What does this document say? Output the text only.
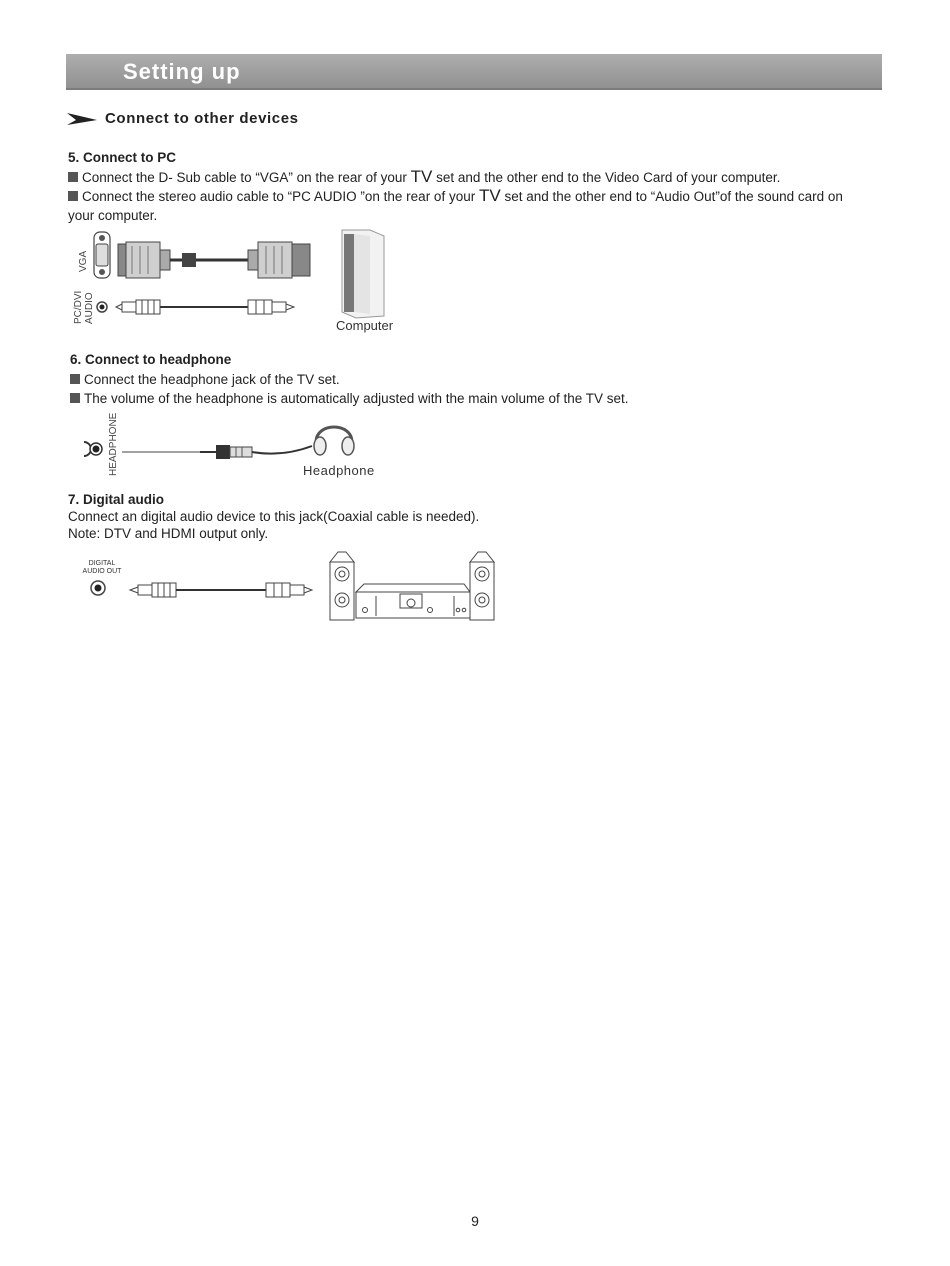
Setting up
Connect to other devices
5. Connect to PC
Connect the D- Sub cable to “VGA” on the rear of your TV set and the other end to the Video Card of your computer.
Connect the stereo audio cable to “PC AUDIO ”on the rear of your TV set and the other end to “Audio Out”of the sound card on
your computer.
VGA
PC/DVI AUDIO
Computer
6. Connect to headphone
Connect the headphone jack of the TV set.
The volume of the headphone is automatically adjusted with the main volume of the TV set.
HEADPHONE	Headphone
7. Digital audio
Connect an digital audio device to this jack(Coaxial cable is needed).
Note: DTV and HDMI output only.
DIGITAL
AUDIO OUT
9
